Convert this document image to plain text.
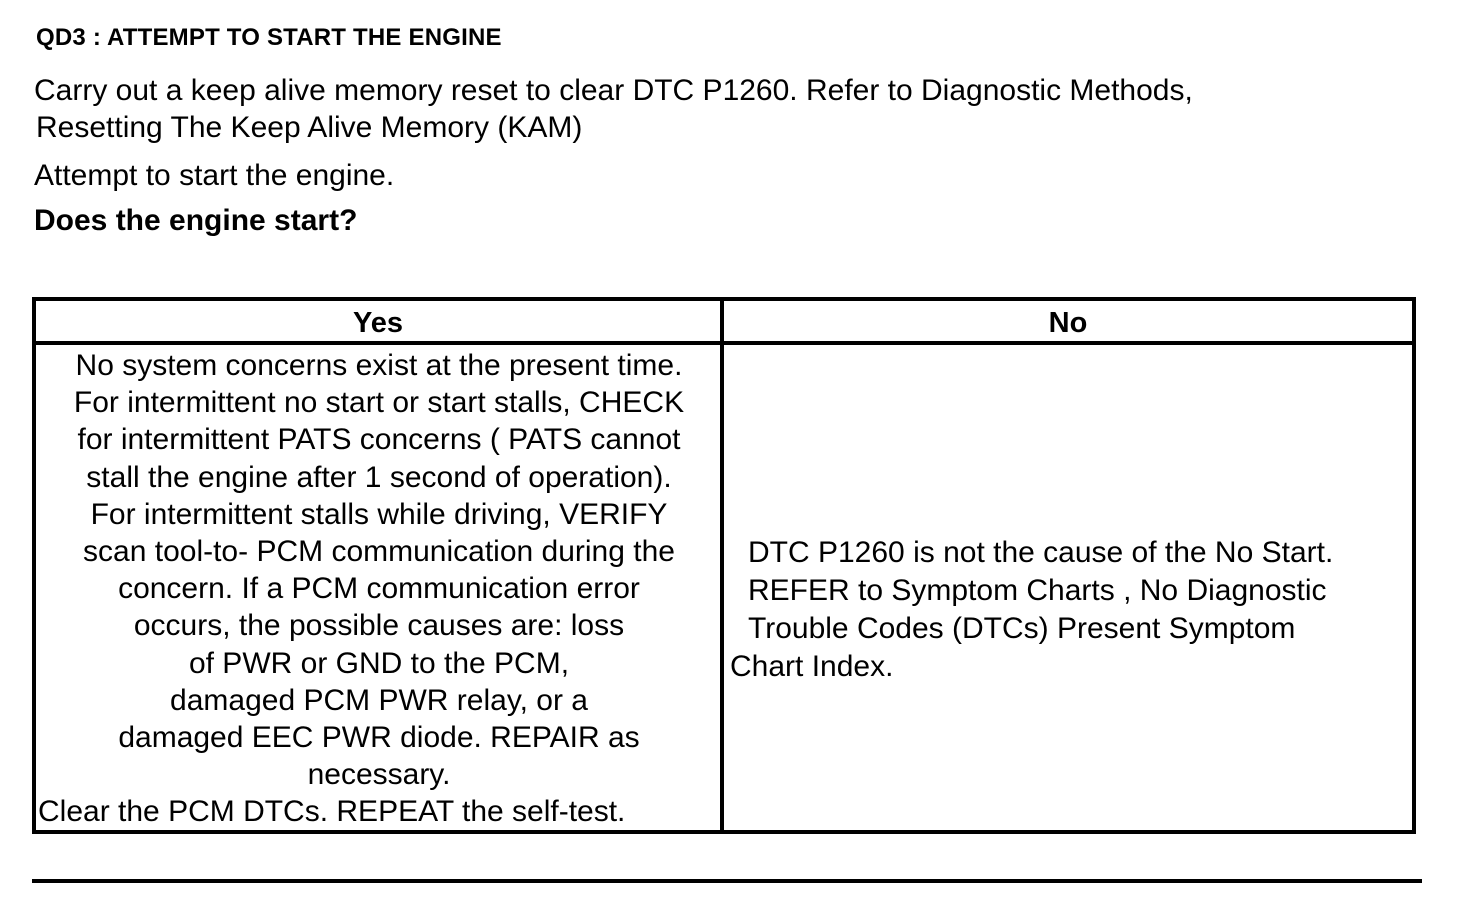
QD3 : ATTEMPT TO START THE ENGINE
Carry out a keep alive memory reset to clear DTC P1260. Refer to Diagnostic Methods,
Resetting The Keep Alive Memory (KAM)
Attempt to start the engine.
Does the engine start?
Yes	No
No system concerns exist at the present time.
For intermittent no start or start stalls, CHECK
for intermittent PATS concerns ( PATS cannot
stall the engine after 1 second of operation).
For intermittent stalls while driving, VERIFY
scan tool-to- PCM communication during the
concern. If a PCM communication error
occurs, the possible causes are: loss
of PWR or GND to the PCM,
damaged PCM PWR relay, or a
damaged EEC PWR diode. REPAIR as
necessary.
Clear the PCM DTCs. REPEAT the self-test.
DTC P1260 is not the cause of the No Start.
REFER to Symptom Charts , No Diagnostic
Trouble Codes (DTCs) Present Symptom
Chart Index.
